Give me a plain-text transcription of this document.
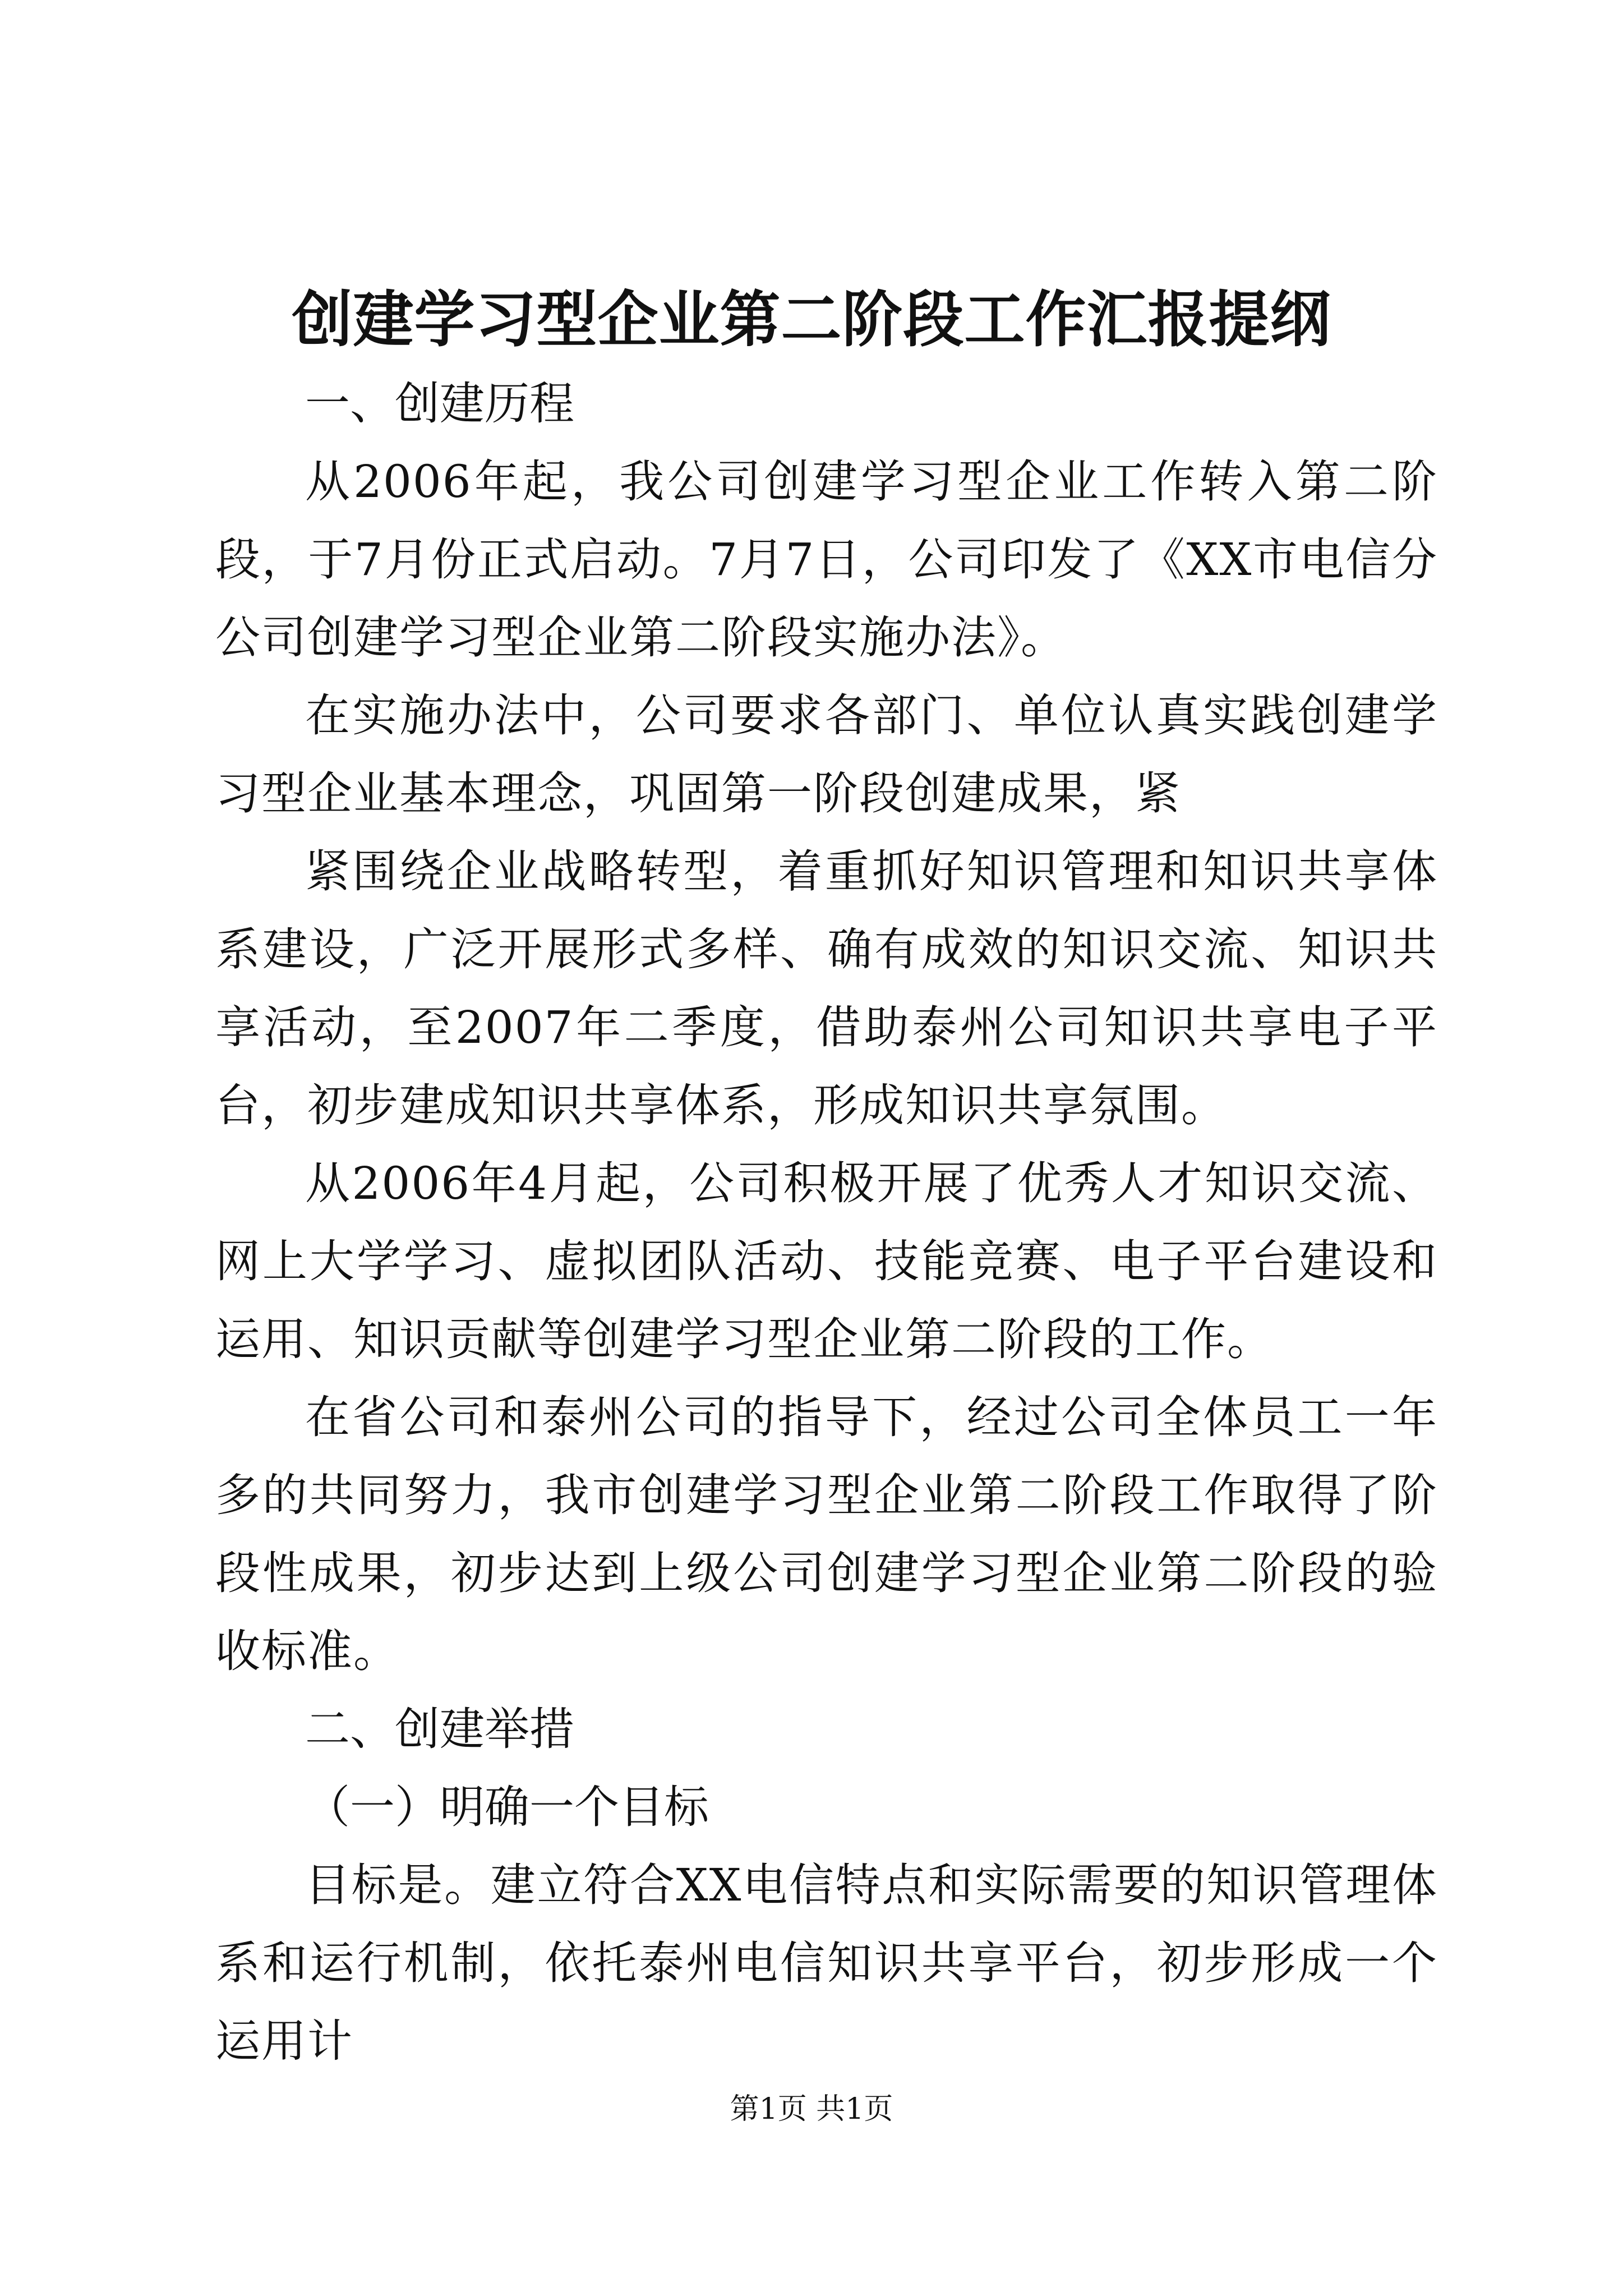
创建学习型企业第二阶段工作汇报提纲

一、创建历程

从2006年起，我公司创建学习型企业工作转入第二阶段，于7月份正式启动。7月7日，公司印发了《XX市电信分公司创建学习型企业第二阶段实施办法》。

在实施办法中，公司要求各部门、单位认真实践创建学习型企业基本理念，巩固第一阶段创建成果，紧

紧围绕企业战略转型，着重抓好知识管理和知识共享体系建设，广泛开展形式多样、确有成效的知识交流、知识共享活动，至2007年二季度，借助泰州公司知识共享电子平台，初步建成知识共享体系，形成知识共享氛围。

从2006年4月起，公司积极开展了优秀人才知识交流、网上大学学习、虚拟团队活动、技能竞赛、电子平台建设和运用、知识贡献等创建学习型企业第二阶段的工作。

在省公司和泰州公司的指导下，经过公司全体员工一年多的共同努力，我市创建学习型企业第二阶段工作取得了阶段性成果，初步达到上级公司创建学习型企业第二阶段的验收标准。

二、创建举措

（一）明确一个目标

目标是。建立符合XX电信特点和实际需要的知识管理体系和运行机制，依托泰州电信知识共享平台，初步形成一个运用计

第1页 共1页
